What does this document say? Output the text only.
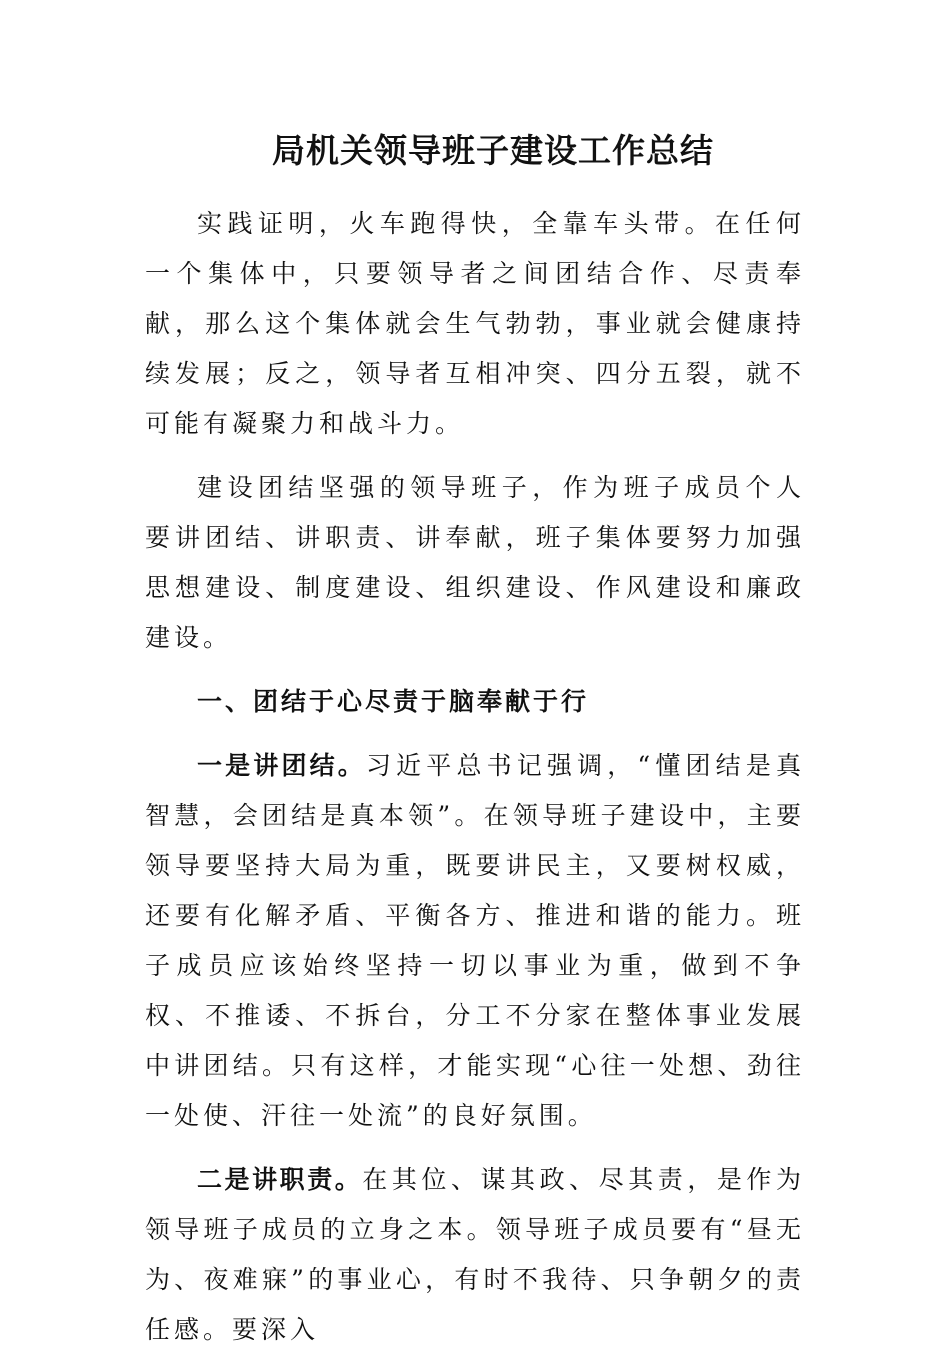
局机关领导班子建设工作总结

实践证明，火车跑得快，全靠车头带。在任何一个集体中，只要领导者之间团结合作、尽责奉献，那么这个集体就会生气勃勃，事业就会健康持续发展；反之，领导者互相冲突、四分五裂，就不可能有凝聚力和战斗力。

建设团结坚强的领导班子，作为班子成员个人要讲团结、讲职责、讲奉献，班子集体要努力加强思想建设、制度建设、组织建设、作风建设和廉政建设。

一、团结于心尽责于脑奉献于行

一是讲团结。习近平总书记强调，“懂团结是真智慧，会团结是真本领”。在领导班子建设中，主要领导要坚持大局为重，既要讲民主，又要树权威，还要有化解矛盾、平衡各方、推进和谐的能力。班子成员应该始终坚持一切以事业为重，做到不争权、不推诿、不拆台，分工不分家在整体事业发展中讲团结。只有这样，才能实现“心往一处想、劲往一处使、汗往一处流”的良好氛围。

二是讲职责。在其位、谋其政、尽其责，是作为领导班子成员的立身之本。领导班子成员要有“昼无为、夜难寐”的事业心，有时不我待、只争朝夕的责任感。要深入
